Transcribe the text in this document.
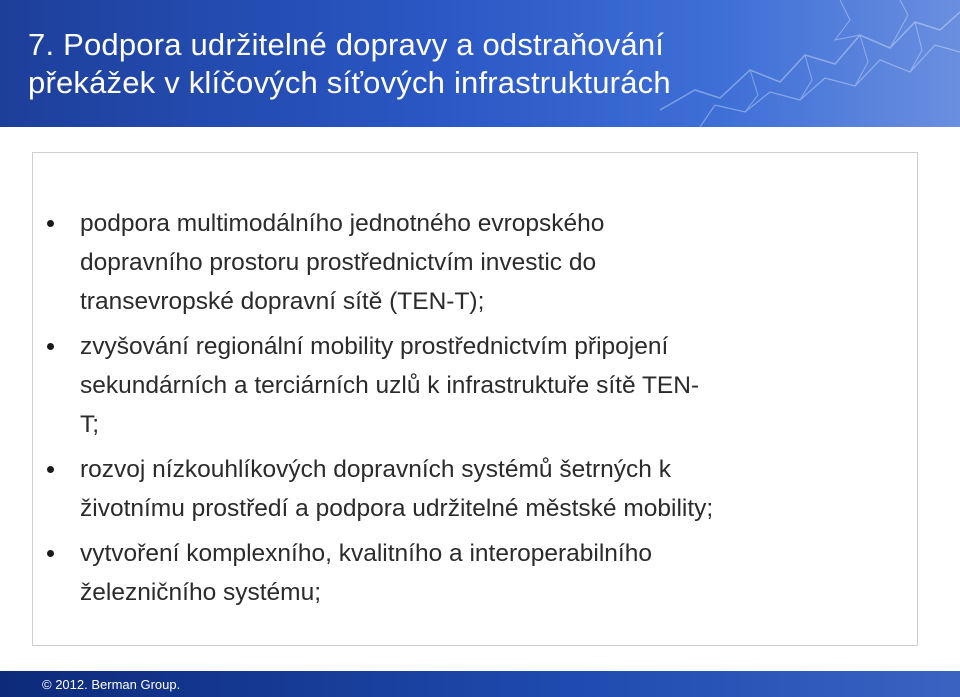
7. Podpora udržitelné dopravy a odstraňování
překážek v klíčových síťových infrastrukturách
podpora multimodálního jednotného evropského
dopravního prostoru prostřednictvím investic do
transevropské dopravní sítě (TEN-T);
zvyšování regionální mobility prostřednictvím připojení
sekundárních a terciárních uzlů k infrastruktuře sítě TEN-
T;
rozvoj nízkouhlíkových dopravních systémů šetrných k
životnímu prostředí a podpora udržitelné městské mobility;
vytvoření komplexního, kvalitního a interoperabilního
železničního systému;
© 2012. Berman Group.
